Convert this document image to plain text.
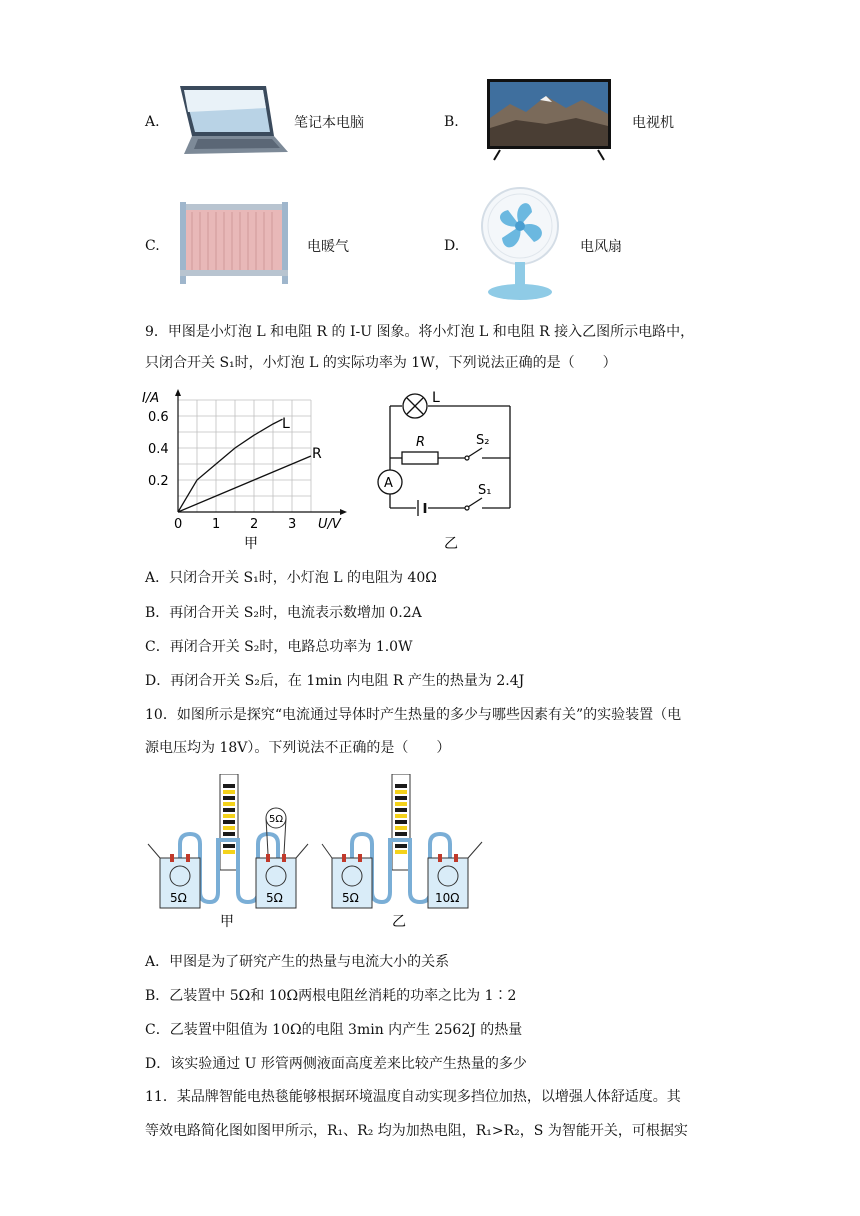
A.	笔记本电脑	B.	电视机
C.	电暖气	D.	电风扇
9．甲图是小灯泡 L 和电阻 R 的 I-U 图象。将小灯泡 L 和电阻 R 接入乙图所示电路中，
只闭合开关 S₁时，小灯泡 L 的实际功率为 1W，下列说法正确的是（　　）
I/A
U/V
0.6
0.4
0.2
0 1 2 3
L
R
甲
L
R	S₂
A	S₁
乙
A．只闭合开关 S₁时，小灯泡 L 的电阻为 40Ω
B．再闭合开关 S₂时，电流表示数增加 0.2A
C．再闭合开关 S₂时，电路总功率为 1.0W
D．再闭合开关 S₂后，在 1min 内电阻 R 产生的热量为 2.4J
10．如图所示是探究“电流通过导体时产生热量的多少与哪些因素有关”的实验装置（电
源电压均为 18V）。下列说法不正确的是（　　）
5Ω
5Ω	5Ω
甲
5Ω	10Ω
乙
A．甲图是为了研究产生的热量与电流大小的关系
B．乙装置中 5Ω和 10Ω两根电阻丝消耗的功率之比为 1∶2
C．乙装置中阻值为 10Ω的电阻 3min 内产生 2562J 的热量
D．该实验通过 U 形管两侧液面高度差来比较产生热量的多少
11．某品牌智能电热毯能够根据环境温度自动实现多挡位加热，以增强人体舒适度。其
等效电路简化图如图甲所示，R₁、R₂ 均为加热电阻，R₁>R₂，S 为智能开关，可根据实
